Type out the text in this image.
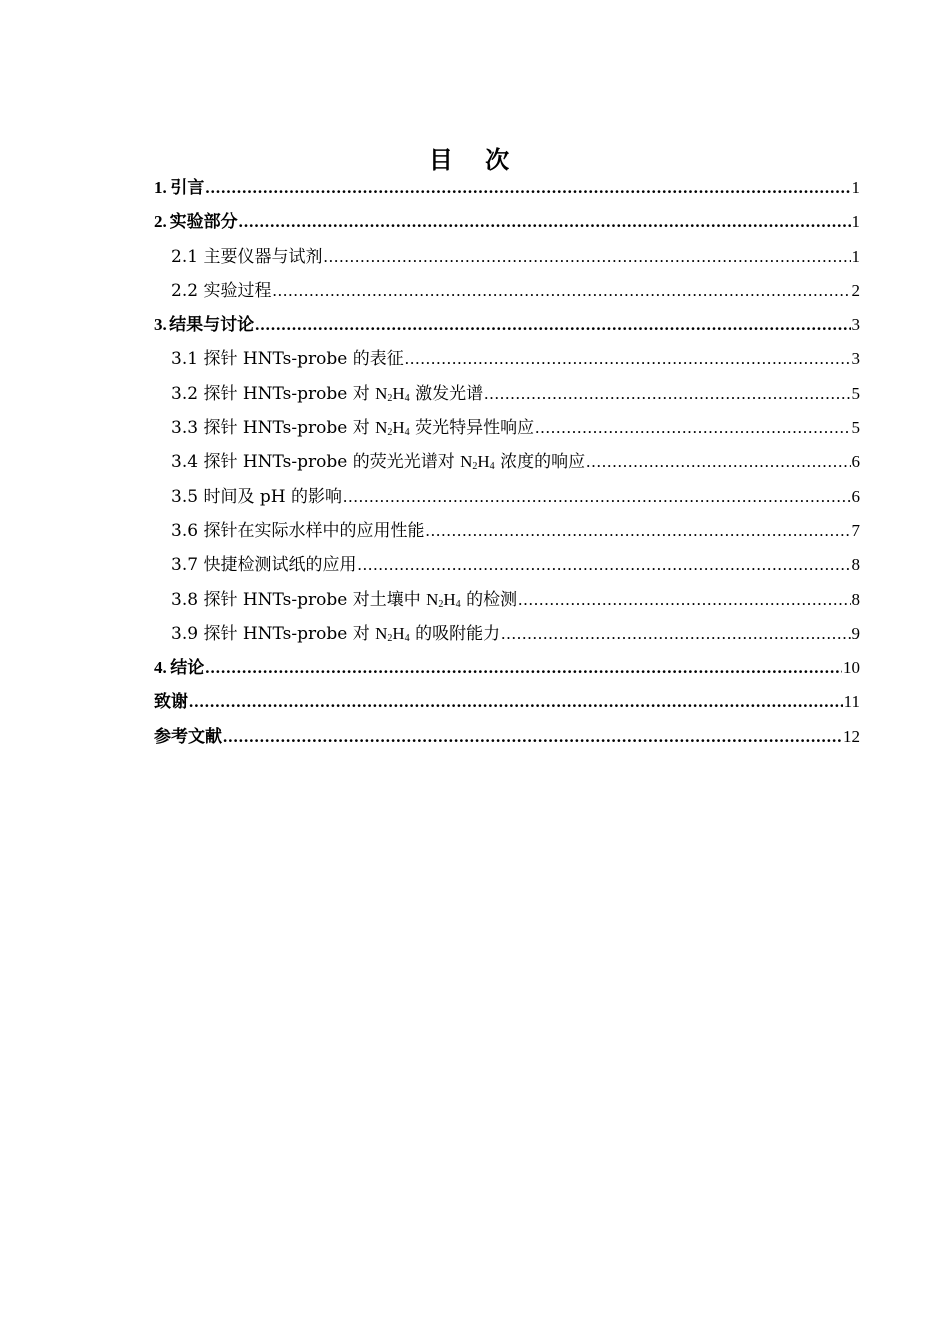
目 次
1. 引言 .....	1
2. 实验部分 .....	1
2.1 主要仪器与试剂 .....	1
2.2 实验过程 .....	2
3. 结果与讨论 .....	3
3.1 探针 HNTs-probe 的表征 .....	3
3.2 探针 HNTs-probe 对 $N_2H_4$ 激发光谱 .....	5
3.3 探针 HNTs-probe 对 $N_2H_4$ 荧光特异性响应 .....	5
3.4 探针 HNTs-probe 的荧光光谱对 $N_2H_4$ 浓度的响应 .....	6
3.5 时间及 pH 的影响 .....	6
3.6 探针在实际水样中的应用性能 .....	7
3.7 快捷检测试纸的应用 .....	8
3.8 探针 HNTs-probe 对土壤中 $N_2H_4$ 的检测 .....	8
3.9 探针 HNTs-probe 对 $N_2H_4$ 的吸附能力 .....	9
4. 结论 .....	10
致谢 .....	11
参考文献 .....	12
